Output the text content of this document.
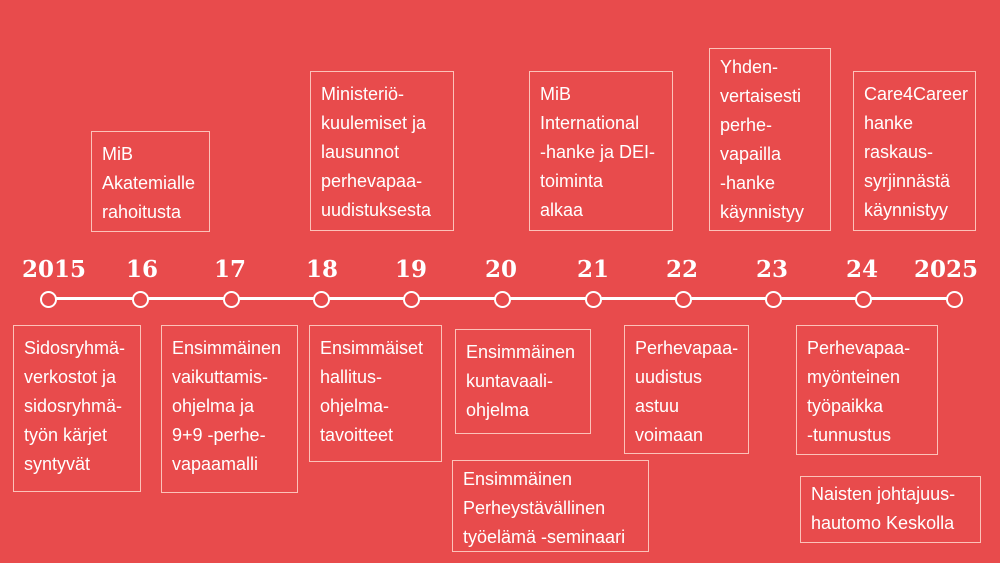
2015	16	17	18	19	20	21	22	23	24	2025
MiB
Akatemialle
rahoitusta
Ministeriö-
kuulemiset ja
lausunnot
perhevapaa-
uudistuksesta
MiB
International
-hanke ja DEI-
toiminta
alkaa
Yhden-
vertaisesti
perhe-
vapailla
-hanke
käynnistyy
Care4Career
hanke
raskaus-
syrjinnästä
käynnistyy
Sidosryhmä-
verkostot ja
sidosryhmä-
työn kärjet
syntyvät
Ensimmäinen
vaikuttamis-
ohjelma ja
9+9 -perhe-
vapaamalli
Ensimmäiset
hallitus-
ohjelma-
tavoitteet
Ensimmäinen
kuntavaali-
ohjelma
Ensimmäinen
Perheystävällinen
työelämä -seminaari
Perhevapaa-
uudistus
astuu
voimaan
Perhevapaa-
myönteinen
työpaikka
-tunnustus
Naisten johtajuus-
hautomo Keskolla
